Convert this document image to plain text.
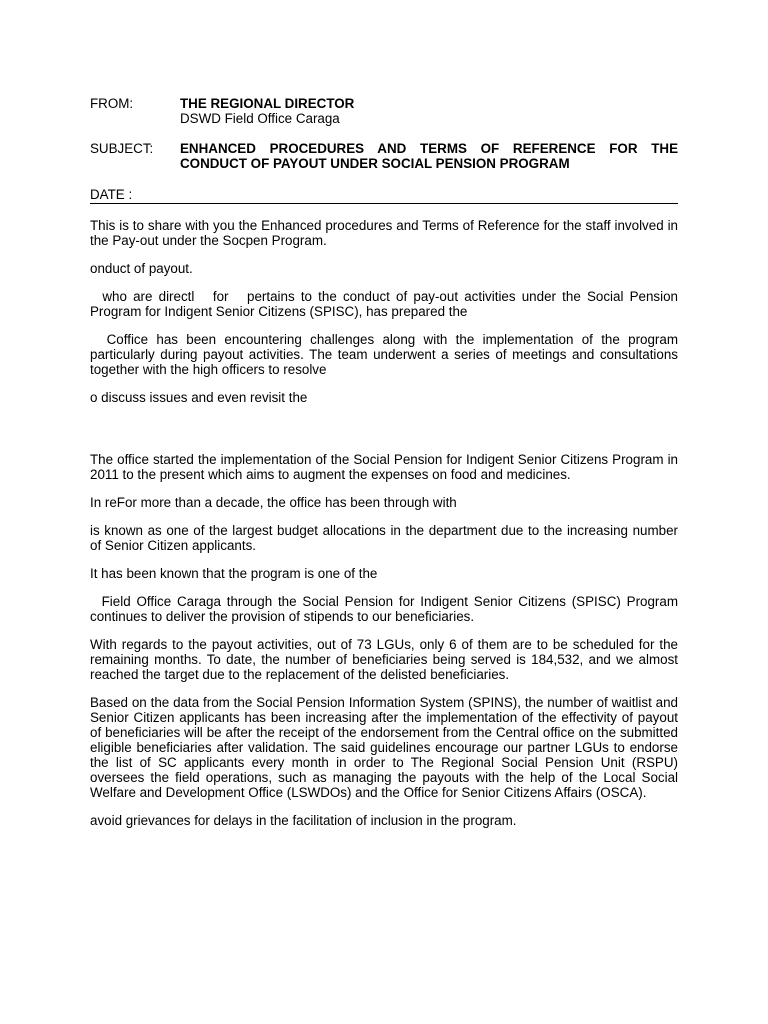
FROM:	THE REGIONAL DIRECTOR
DSWD Field Office Caraga
SUBJECT:	ENHANCED PROCEDURES AND TERMS OF REFERENCE FOR THE CONDUCT OF PAYOUT UNDER SOCIAL PENSION PROGRAM
DATE :

This is to share with you the Enhanced procedures and Terms of Reference for the staff involved in the Pay-out under the Socpen Program.

onduct of payout.

who are directl   for   pertains to the conduct of pay-out activities under the Social Pension Program for Indigent Senior Citizens (SPISC), has prepared the

Coffice has been encountering challenges along with the implementation of the program particularly during payout activities. The team underwent a series of meetings and consultations together with the high officers to resolve

o discuss issues and even revisit the

The office started the implementation of the Social Pension for Indigent Senior Citizens Program in 2011 to the present which aims to augment the expenses on food and medicines.

In reFor more than a decade, the office has been through with

is known as one of the largest budget allocations in the department due to the increasing number of Senior Citizen applicants.

It has been known that the program is one of the

Field Office Caraga through the Social Pension for Indigent Senior Citizens (SPISC) Program continues to deliver the provision of stipends to our beneficiaries.

With regards to the payout activities, out of 73 LGUs, only 6 of them are to be scheduled for the remaining months. To date, the number of beneficiaries being served is 184,532, and we almost reached the target due to the replacement of the delisted beneficiaries.

Based on the data from the Social Pension Information System (SPINS), the number of waitlist and Senior Citizen applicants has been increasing after the implementation of the effectivity of payout of beneficiaries will be after the receipt of the endorsement from the Central office on the submitted eligible beneficiaries after validation. The said guidelines encourage our partner LGUs to endorse the list of SC applicants every month in order to The Regional Social Pension Unit (RSPU) oversees the field operations, such as managing the payouts with the help of the Local Social Welfare and Development Office (LSWDOs) and the Office for Senior Citizens Affairs (OSCA).

avoid grievances for delays in the facilitation of inclusion in the program.
